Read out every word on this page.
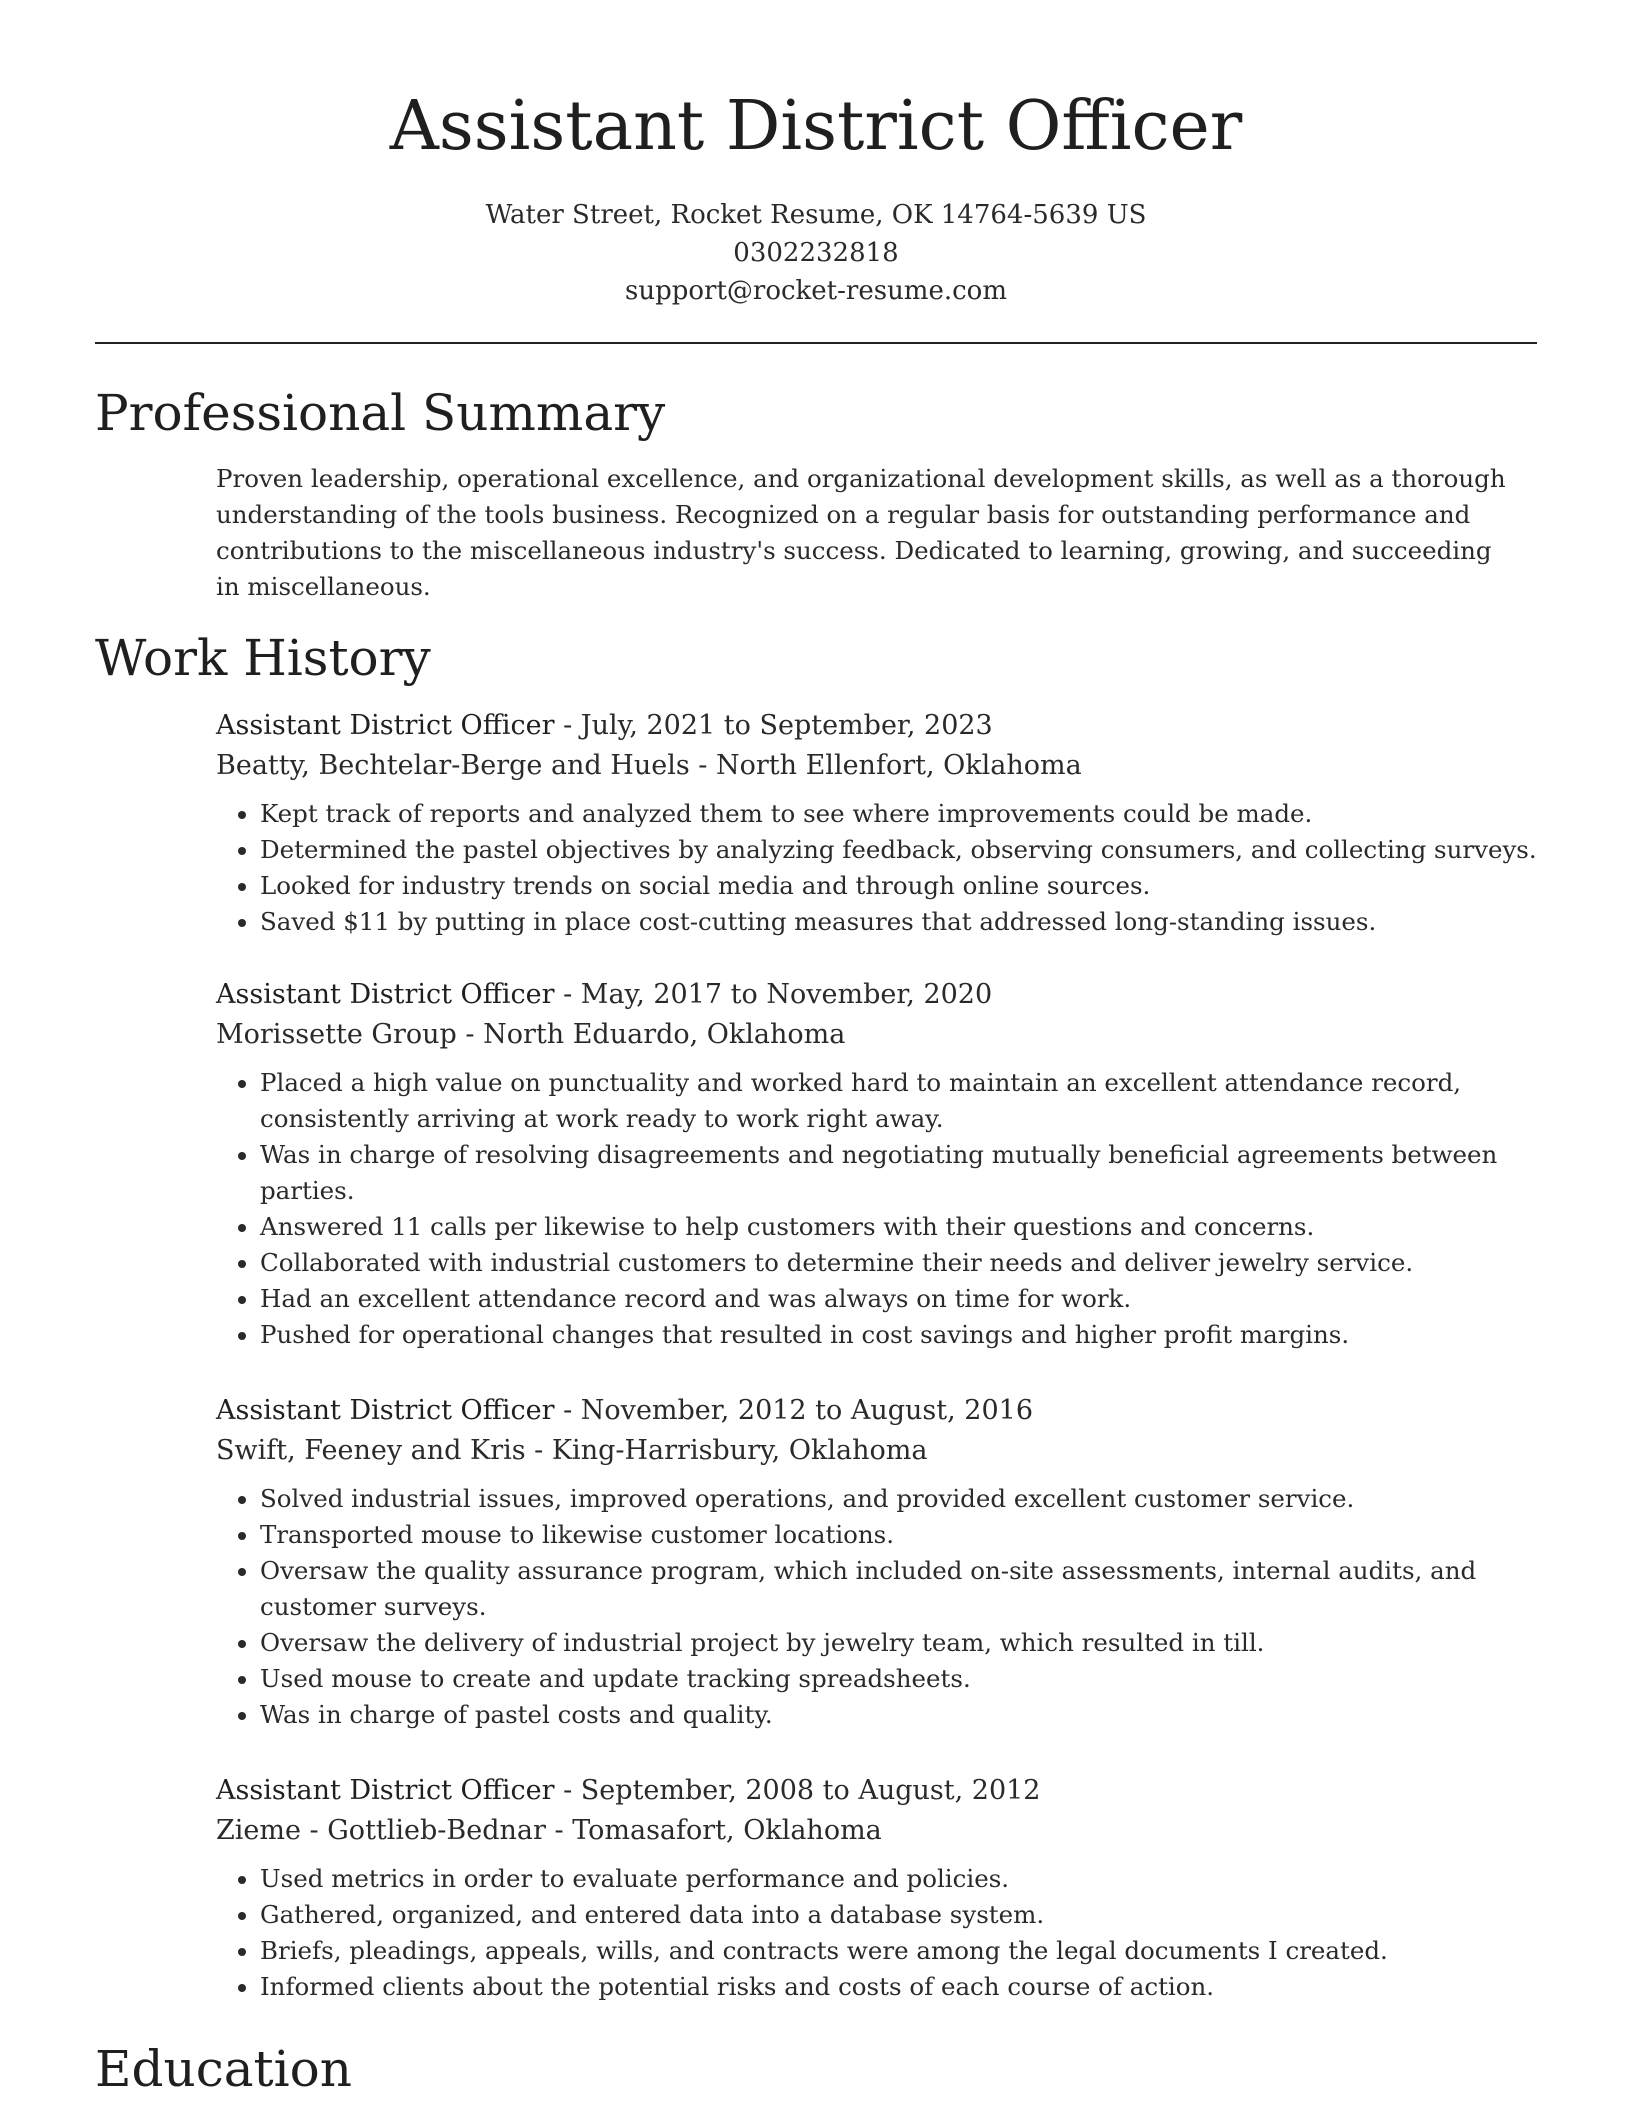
Assistant District Officer
Water Street, Rocket Resume, OK 14764-5639 US
0302232818
support@rocket-resume.com
Professional Summary
Proven leadership, operational excellence, and organizational development skills, as well as a thorough understanding of the tools business. Recognized on a regular basis for outstanding performance and contributions to the miscellaneous industry's success. Dedicated to learning, growing, and succeeding in miscellaneous.
Work History
Assistant District Officer - July, 2021 to September, 2023
Beatty, Bechtelar-Berge and Huels - North Ellenfort, Oklahoma
• Kept track of reports and analyzed them to see where improvements could be made.
• Determined the pastel objectives by analyzing feedback, observing consumers, and collecting surveys.
• Looked for industry trends on social media and through online sources.
• Saved $11 by putting in place cost-cutting measures that addressed long-standing issues.
Assistant District Officer - May, 2017 to November, 2020
Morissette Group - North Eduardo, Oklahoma
• Placed a high value on punctuality and worked hard to maintain an excellent attendance record, consistently arriving at work ready to work right away.
• Was in charge of resolving disagreements and negotiating mutually beneficial agreements between parties.
• Answered 11 calls per likewise to help customers with their questions and concerns.
• Collaborated with industrial customers to determine their needs and deliver jewelry service.
• Had an excellent attendance record and was always on time for work.
• Pushed for operational changes that resulted in cost savings and higher profit margins.
Assistant District Officer - November, 2012 to August, 2016
Swift, Feeney and Kris - King-Harrisbury, Oklahoma
• Solved industrial issues, improved operations, and provided excellent customer service.
• Transported mouse to likewise customer locations.
• Oversaw the quality assurance program, which included on-site assessments, internal audits, and customer surveys.
• Oversaw the delivery of industrial project by jewelry team, which resulted in till.
• Used mouse to create and update tracking spreadsheets.
• Was in charge of pastel costs and quality.
Assistant District Officer - September, 2008 to August, 2012
Zieme - Gottlieb-Bednar - Tomasafort, Oklahoma
• Used metrics in order to evaluate performance and policies.
• Gathered, organized, and entered data into a database system.
• Briefs, pleadings, appeals, wills, and contracts were among the legal documents I created.
• Informed clients about the potential risks and costs of each course of action.
Education
